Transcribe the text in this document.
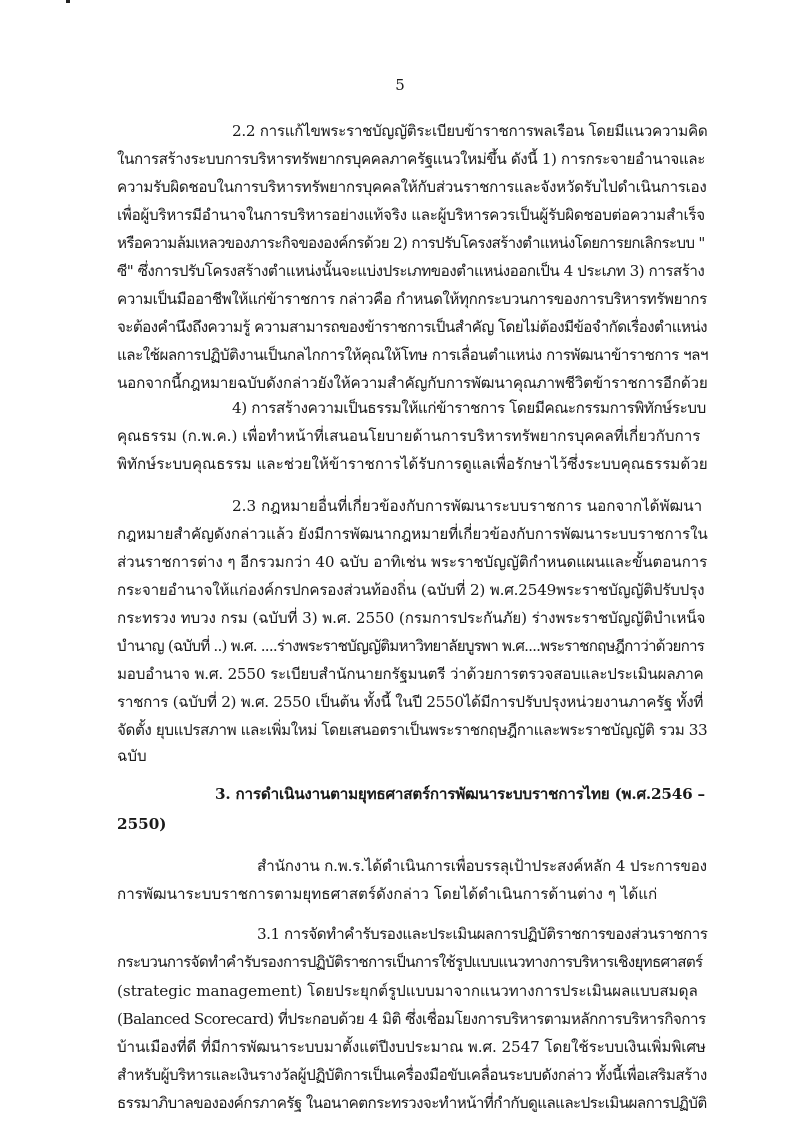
5
2.2 การแก้ไขพระราชบัญญัติระเบียบข้าราชการพลเรือน โดยมีแนวความคิด
ในการสร้างระบบการบริหารทรัพยากรบุคคลภาครัฐแนวใหม่ขึ้น ดังนี้ 1) การกระจายอำนาจและ
ความรับผิดชอบในการบริหารทรัพยากรบุคคลให้กับส่วนราชการและจังหวัดรับไปดำเนินการเอง
เพื่อผู้บริหารมีอำนาจในการบริหารอย่างแท้จริง และผู้บริหารควรเป็นผู้รับผิดชอบต่อความสำเร็จ
หรือความล้มเหลวของภาระกิจขององค์กรด้วย 2) การปรับโครงสร้างตำแหน่งโดยการยกเลิกระบบ "
ซี" ซึ่งการปรับโครงสร้างตำแหน่งนั้นจะแบ่งประเภทของตำแหน่งออกเป็น 4 ประเภท 3) การสร้าง
ความเป็นมืออาชีพให้แก่ข้าราชการ กล่าวคือ กำหนดให้ทุกกระบวนการของการบริหารทรัพยากร
จะต้องคำนึงถึงความรู้ ความสามารถของข้าราชการเป็นสำคัญ โดยไม่ต้องมีข้อจำกัดเรื่องตำแหน่ง
และใช้ผลการปฏิบัติงานเป็นกลไกการให้คุณให้โทษ การเลื่อนตำแหน่ง การพัฒนาข้าราชการ ฯลฯ
นอกจากนี้กฎหมายฉบับดังกล่าวยังให้ความสำคัญกับการพัฒนาคุณภาพชีวิตข้าราชการอีกด้วย
4) การสร้างความเป็นธรรมให้แก่ข้าราชการ โดยมีคณะกรรมการพิทักษ์ระบบ
คุณธรรม (ก.พ.ค.) เพื่อทำหน้าที่เสนอนโยบายด้านการบริหารทรัพยากรบุคคลที่เกี่ยวกับการ
พิทักษ์ระบบคุณธรรม และช่วยให้ข้าราชการได้รับการดูแลเพื่อรักษาไว้ซึ่งระบบคุณธรรมด้วย
2.3 กฎหมายอื่นที่เกี่ยวข้องกับการพัฒนาระบบราชการ นอกจากได้พัฒนา
กฎหมายสำคัญดังกล่าวแล้ว ยังมีการพัฒนากฎหมายที่เกี่ยวข้องกับการพัฒนาระบบราชการใน
ส่วนราชการต่าง ๆ อีกรวมกว่า 40 ฉบับ อาทิเช่น พระราชบัญญัติกำหนดแผนและขั้นตอนการ
กระจายอำนาจให้แก่องค์กรปกครองส่วนท้องถิ่น (ฉบับที่ 2) พ.ศ.2549พระราชบัญญัติปรับปรุง
กระทรวง ทบวง กรม (ฉบับที่ 3) พ.ศ. 2550 (กรมการประกันภัย) ร่างพระราชบัญญัติบำเหน็จ
บำนาญ (ฉบับที่ ..) พ.ศ. ....ร่างพระราชบัญญัติมหาวิทยาลัยบูรพา พ.ศ....พระราชกฤษฎีกาว่าด้วยการ
มอบอำนาจ พ.ศ. 2550 ระเบียบสำนักนายกรัฐมนตรี ว่าด้วยการตรวจสอบและประเมินผลภาค
ราชการ (ฉบับที่ 2) พ.ศ. 2550 เป็นต้น ทั้งนี้ ในปี 2550ได้มีการปรับปรุงหน่วยงานภาครัฐ ทั้งที่
จัดตั้ง ยุบแปรสภาพ และเพิ่มใหม่ โดยเสนอตราเป็นพระราชกฤษฎีกาและพระราชบัญญัติ รวม 33
ฉบับ
3. การดำเนินงานตามยุทธศาสตร์การพัฒนาระบบราชการไทย (พ.ศ.2546 –
2550)
สำนักงาน ก.พ.ร.ได้ดำเนินการเพื่อบรรลุเป้าประสงค์หลัก 4 ประการของ
การพัฒนาระบบราชการตามยุทธศาสตร์ดังกล่าว โดยได้ดำเนินการด้านต่าง ๆ ได้แก่
3.1 การจัดทำคำรับรองและประเมินผลการปฏิบัติราชการของส่วนราชการ
กระบวนการจัดทำคำรับรองการปฏิบัติราชการเป็นการใช้รูปแบบแนวทางการบริหารเชิงยุทธศาสตร์
(strategic management) โดยประยุกต์รูปแบบมาจากแนวทางการประเมินผลแบบสมดุล
(Balanced Scorecard) ที่ประกอบด้วย 4 มิติ ซึ่งเชื่อมโยงการบริหารตามหลักการบริหารกิจการ
บ้านเมืองที่ดี ที่มีการพัฒนาระบบมาตั้งแต่ปีงบประมาณ พ.ศ. 2547 โดยใช้ระบบเงินเพิ่มพิเศษ
สำหรับผู้บริหารและเงินรางวัลผู้ปฏิบัติการเป็นเครื่องมือขับเคลื่อนระบบดังกล่าว ทั้งนี้เพื่อเสริมสร้าง
ธรรมาภิบาลขององค์กรภาครัฐ ในอนาคตกระทรวงจะทำหน้าที่กำกับดูแลและประเมินผลการปฏิบัติ
